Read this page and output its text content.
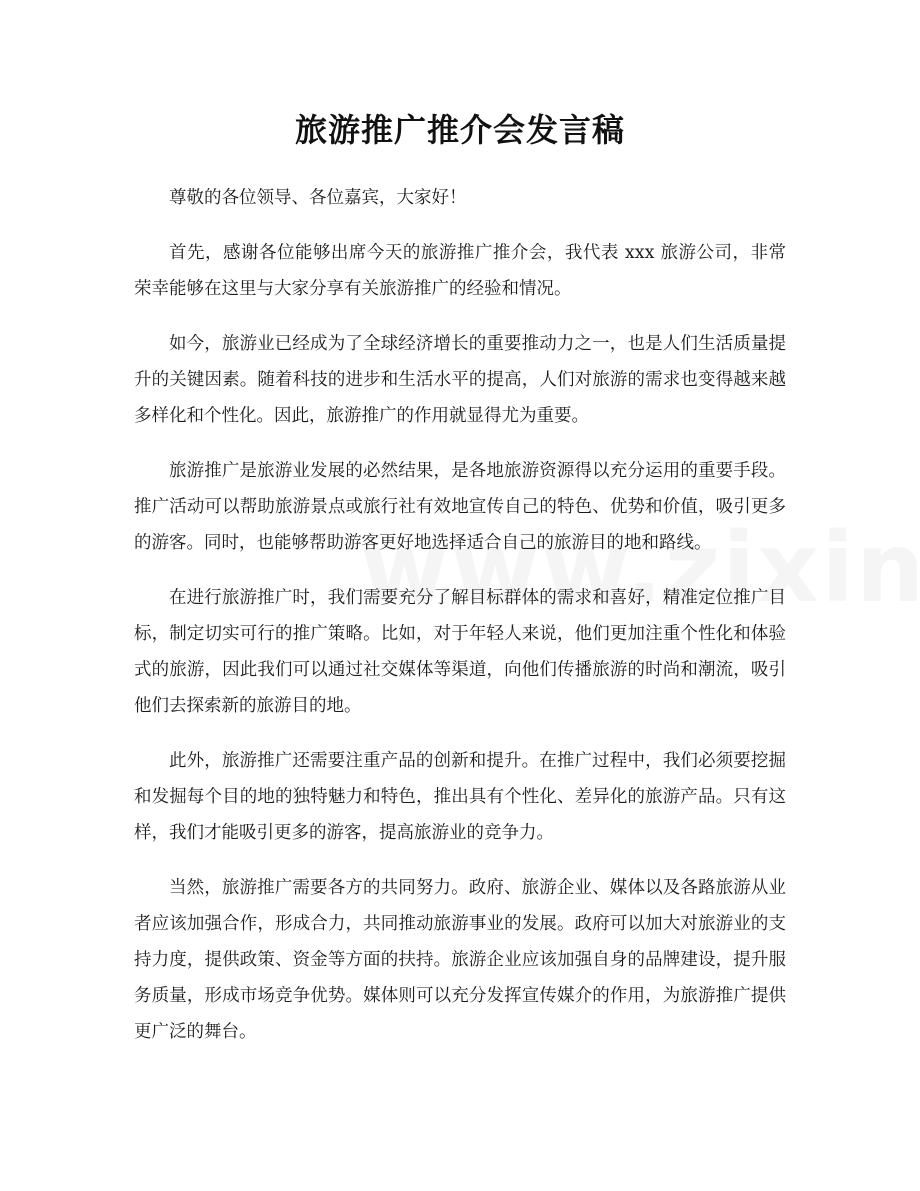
旅游推广推介会发言稿

尊敬的各位领导、各位嘉宾，大家好！

首先，感谢各位能够出席今天的旅游推广推介会，我代表 xxx 旅游公司，非常荣幸能够在这里与大家分享有关旅游推广的经验和情况。

如今，旅游业已经成为了全球经济增长的重要推动力之一，也是人们生活质量提升的关键因素。随着科技的进步和生活水平的提高，人们对旅游的需求也变得越来越多样化和个性化。因此，旅游推广的作用就显得尤为重要。

旅游推广是旅游业发展的必然结果，是各地旅游资源得以充分运用的重要手段。推广活动可以帮助旅游景点或旅行社有效地宣传自己的特色、优势和价值，吸引更多的游客。同时，也能够帮助游客更好地选择适合自己的旅游目的地和路线。

在进行旅游推广时，我们需要充分了解目标群体的需求和喜好，精准定位推广目标，制定切实可行的推广策略。比如，对于年轻人来说，他们更加注重个性化和体验式的旅游，因此我们可以通过社交媒体等渠道，向他们传播旅游的时尚和潮流，吸引他们去探索新的旅游目的地。

此外，旅游推广还需要注重产品的创新和提升。在推广过程中，我们必须要挖掘和发掘每个目的地的独特魅力和特色，推出具有个性化、差异化的旅游产品。只有这样，我们才能吸引更多的游客，提高旅游业的竞争力。

当然，旅游推广需要各方的共同努力。政府、旅游企业、媒体以及各路旅游从业者应该加强合作，形成合力，共同推动旅游事业的发展。政府可以加大对旅游业的支持力度，提供政策、资金等方面的扶持。旅游企业应该加强自身的品牌建设，提升服务质量，形成市场竞争优势。媒体则可以充分发挥宣传媒介的作用，为旅游推广提供更广泛的舞台。
